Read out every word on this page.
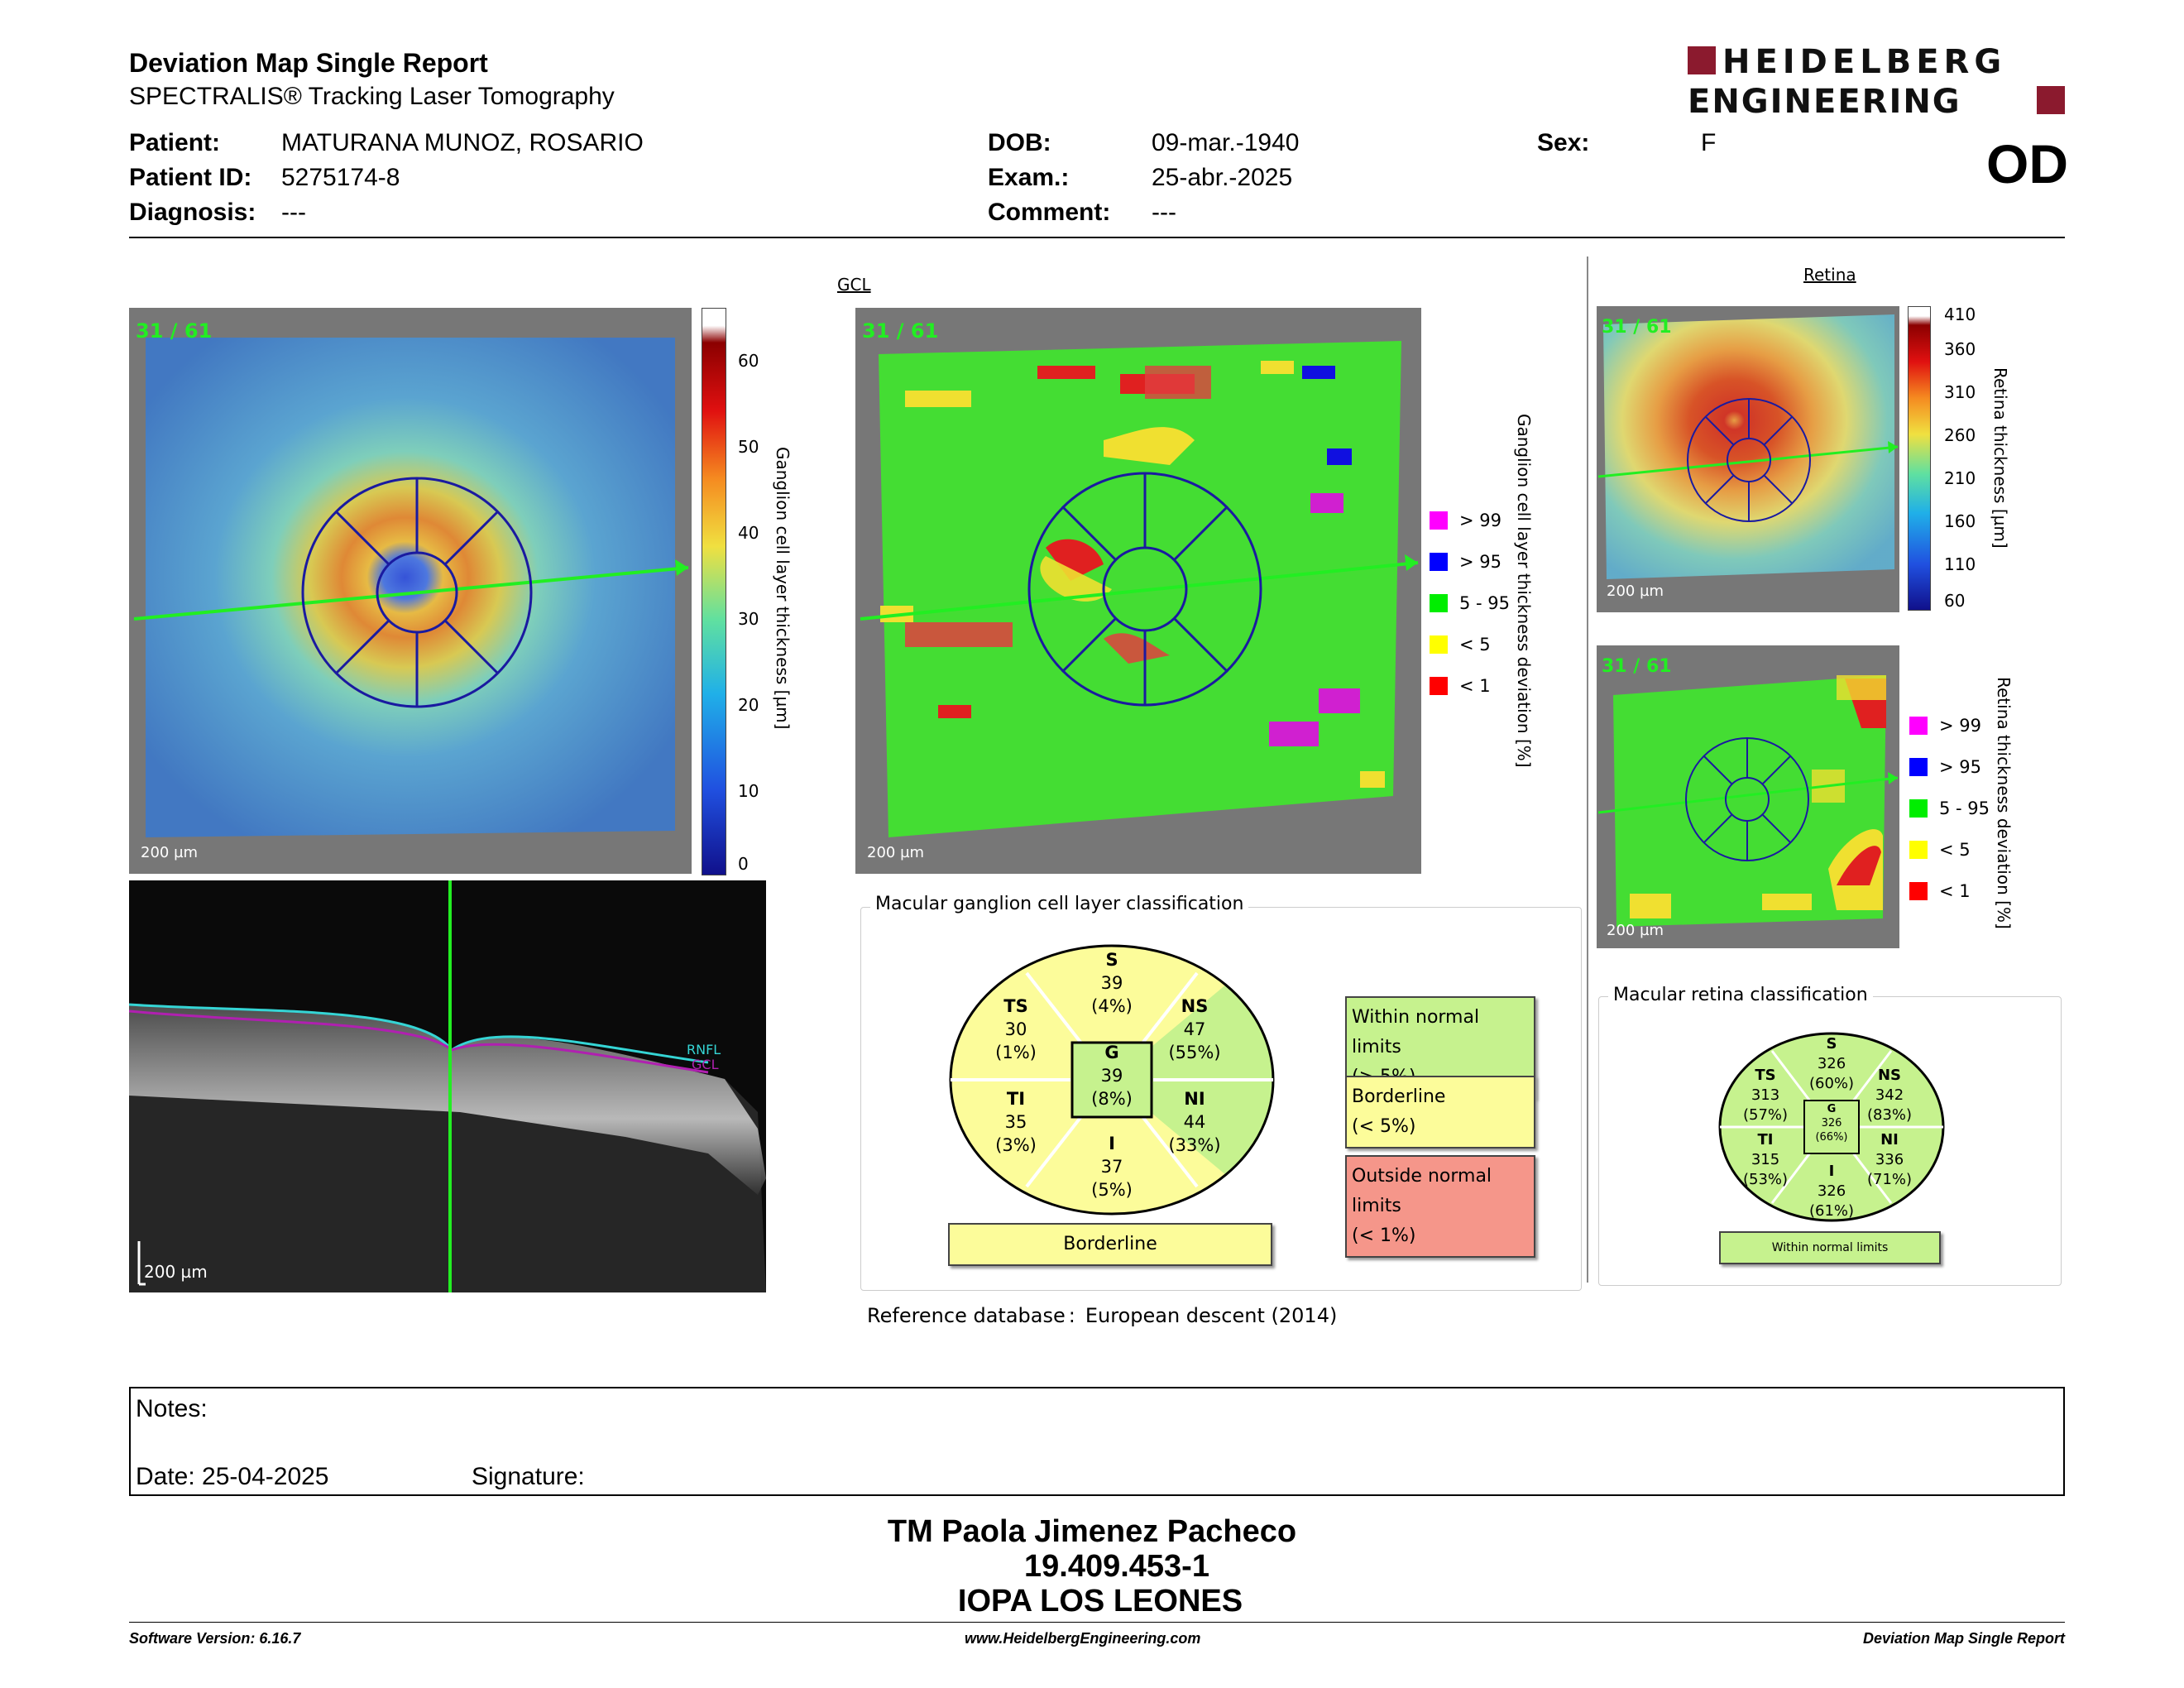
Deviation Map Single Report
SPECTRALIS® Tracking Laser Tomography
HEIDELBERG
ENGINEERING
Patient: MATURANA MUNOZ, ROSARIO
Patient ID: 5275174-8
Diagnosis: ---
DOB:	09-mar.-1940
Exam.:	25-abr.-2025
Comment: ---
Sex:	F	OD
31 / 61
200 µm
60
50
40
30
20
10
0
Ganglion cell layer thickness [µm]
RNFL
GCL
200 µm
GCL
31 / 61
200 µm
> 99
> 95
5 - 95
< 5
< 1 Ganglion cell layer thickness deviation [%]
Macular ganglion cell layer classification
S
39
(4%)	NS
47
(55%)
NI
44
(33%)
I
37
(5%)
TI
35
(3%)
TS
30
(1%)	G
39
(8%)
Borderline
Within normal limits
Borderline
(< 5%)
Outside normal limits
(< 1%)
Reference database : European descent (2014)
Retina
31 / 61
200 µm
410
360
310
260
210
160
110
60
Retina thickness [µm]
31 / 61
200 µm
> 99
> 95
5 - 95
< 5
< 1 Retina thickness deviation [%]
Macular retina classification
S
326
(60%)	NS
342
(83%)
NI
336
(71%)
I
326
(61%)
TI
315
(53%)
TS
313
(57%)	G
326
(66%)
Within normal limits
Notes:
Date: 25-04-2025	Signature:
TM Paola Jimenez Pacheco
19.409.453-1
IOPA LOS LEONES
Software Version: 6.16.7	www.HeidelbergEngineering.com	Deviation Map Single Report
